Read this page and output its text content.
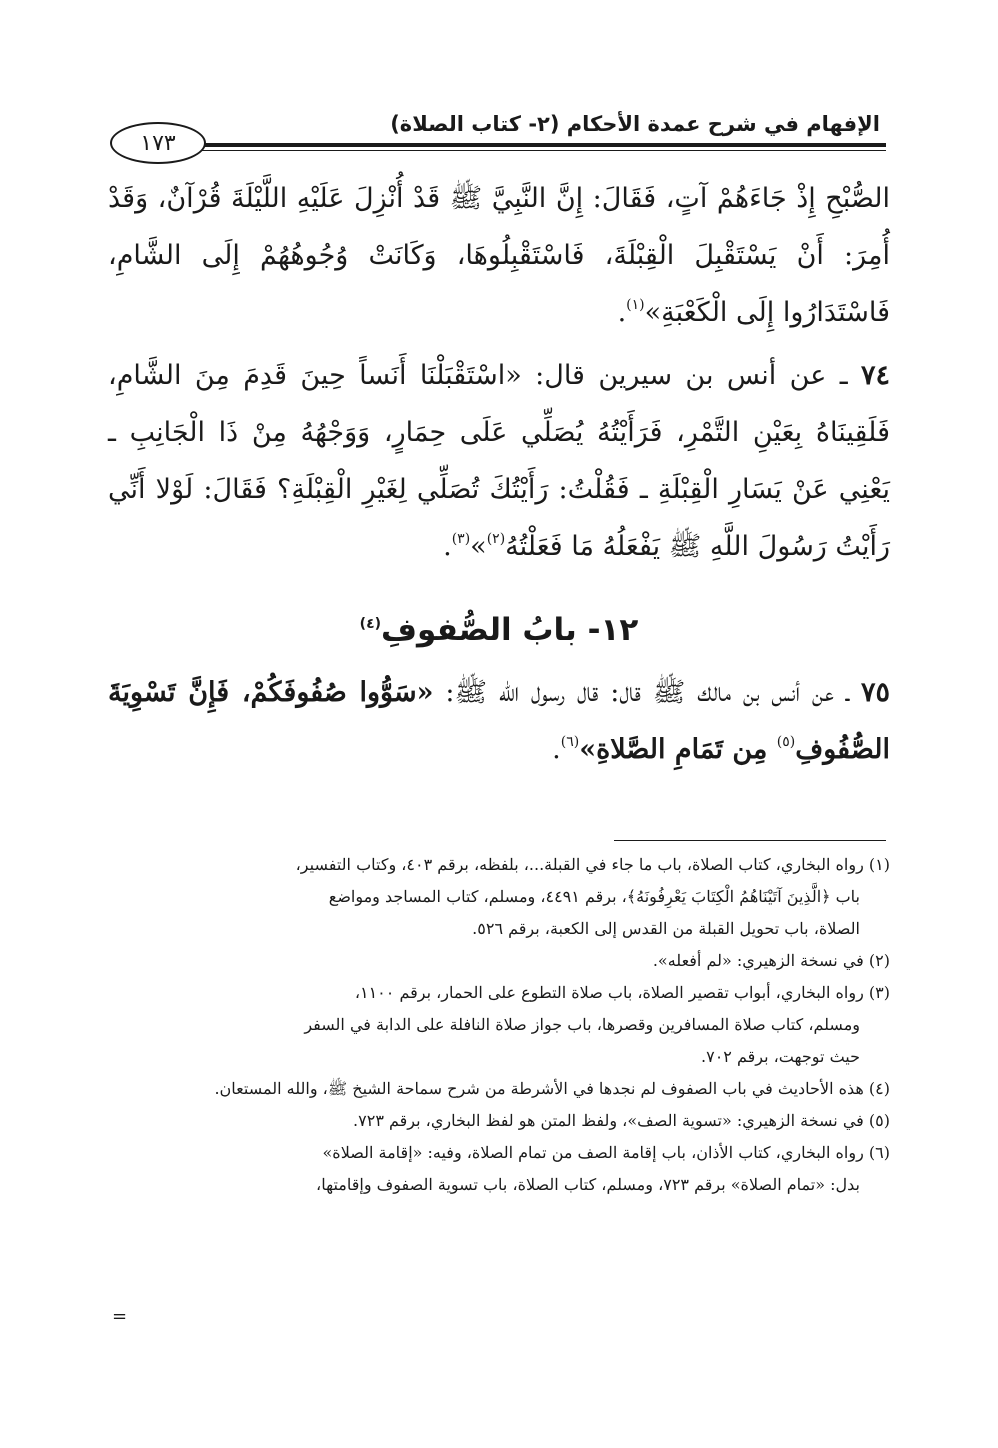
الإفهام في شرح عمدة الأحكام (٢- كتاب الصلاة)
١٧٣

الصُّبْحِ إِذْ جَاءَهُمْ آتٍ، فَقَالَ: إِنَّ النَّبِيَّ ﷺ قَدْ أُنْزِلَ عَلَيْهِ اللَّيْلَةَ قُرْآنٌ، وَقَدْ أُمِرَ: أَنْ يَسْتَقْبِلَ الْقِبْلَةَ، فَاسْتَقْبِلُوهَا، وَكَانَتْ وُجُوهُهُمْ إِلَى الشَّامِ، فَاسْتَدَارُوا إِلَى الْكَعْبَةِ»$^{(١)}$.

٧٤ ـ عن أنس بن سيرين قال: «اسْتَقْبَلْنَا أَنَساً حِينَ قَدِمَ مِنَ الشَّامِ، فَلَقِينَاهُ بِعَيْنِ التَّمْرِ، فَرَأَيْتُهُ يُصَلِّي عَلَى حِمَارٍ، وَوَجْهُهُ مِنْ ذَا الْجَانِبِ ـ يَعْنِي عَنْ يَسَارِ الْقِبْلَةِ ـ فَقُلْتُ: رَأَيْتُكَ تُصَلِّي لِغَيْرِ الْقِبْلَةِ؟ فَقَالَ: لَوْلا أَنِّي رَأَيْتُ رَسُولَ اللَّهِ ﷺ يَفْعَلُهُ مَا فَعَلْتُهُ$^{(٢)}$»$^{(٣)}$.

١٢- بابُ الصُّفوفِ$^{(٤)}$

٧٥ ـ عن أنس بن مالك ﷺ قال: قال رسول الله ﷺ: «سَوُّوا صُفُوفَكُمْ، فَإِنَّ تَسْوِيَةَ الصُّفُوفِ$^{(٥)}$ مِن تَمَامِ الصَّلاةِ»$^{(٦)}$.

(١) رواه البخاري، كتاب الصلاة، باب ما جاء في القبلة...، بلفظه، برقم ٤٠٣، وكتاب التفسير،
باب ﴿الَّذِينَ آتَيْنَاهُمُ الْكِتَابَ يَعْرِفُونَهُ﴾، برقم ٤٤٩١، ومسلم، كتاب المساجد ومواضع
الصلاة، باب تحويل القبلة من القدس إلى الكعبة، برقم ٥٢٦.
(٢) في نسخة الزهيري: «لم أفعله».
(٣) رواه البخاري، أبواب تقصير الصلاة، باب صلاة التطوع على الحمار، برقم ١١٠٠،
ومسلم، كتاب صلاة المسافرين وقصرها، باب جواز صلاة النافلة على الدابة في السفر
حيث توجهت، برقم ٧٠٢.
(٤) هذه الأحاديث في باب الصفوف لم نجدها في الأشرطة من شرح سماحة الشيخ ﷺ، والله المستعان.
(٥) في نسخة الزهيري: «تسوية الصف»، ولفظ المتن هو لفظ البخاري، برقم ٧٢٣.
(٦) رواه البخاري، كتاب الأذان، باب إقامة الصف من تمام الصلاة، وفيه: «إقامة الصلاة»
بدل: «تمام الصلاة» برقم ٧٢٣، ومسلم، كتاب الصلاة، باب تسوية الصفوف وإقامتها،
=
